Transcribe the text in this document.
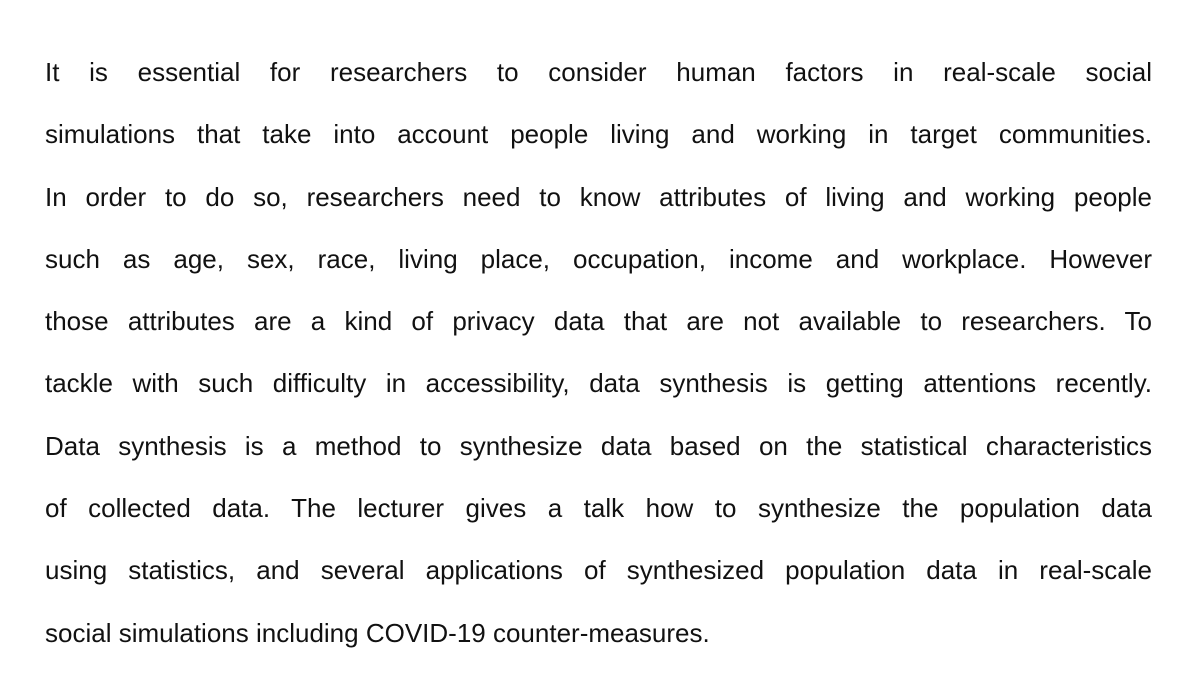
It is essential for researchers to consider human factors in real-scale social
simulations that take into account people living and working in target communities.
In order to do so, researchers need to know attributes of living and working people
such as age, sex, race, living place, occupation, income and workplace. However
those attributes are a kind of privacy data that are not available to researchers. To
tackle with such difficulty in accessibility, data synthesis is getting attentions recently.
Data synthesis is a method to synthesize data based on the statistical characteristics
of collected data. The lecturer gives a talk how to synthesize the population data
using statistics, and several applications of synthesized population data in real-scale
social simulations including COVID-19 counter-measures.
